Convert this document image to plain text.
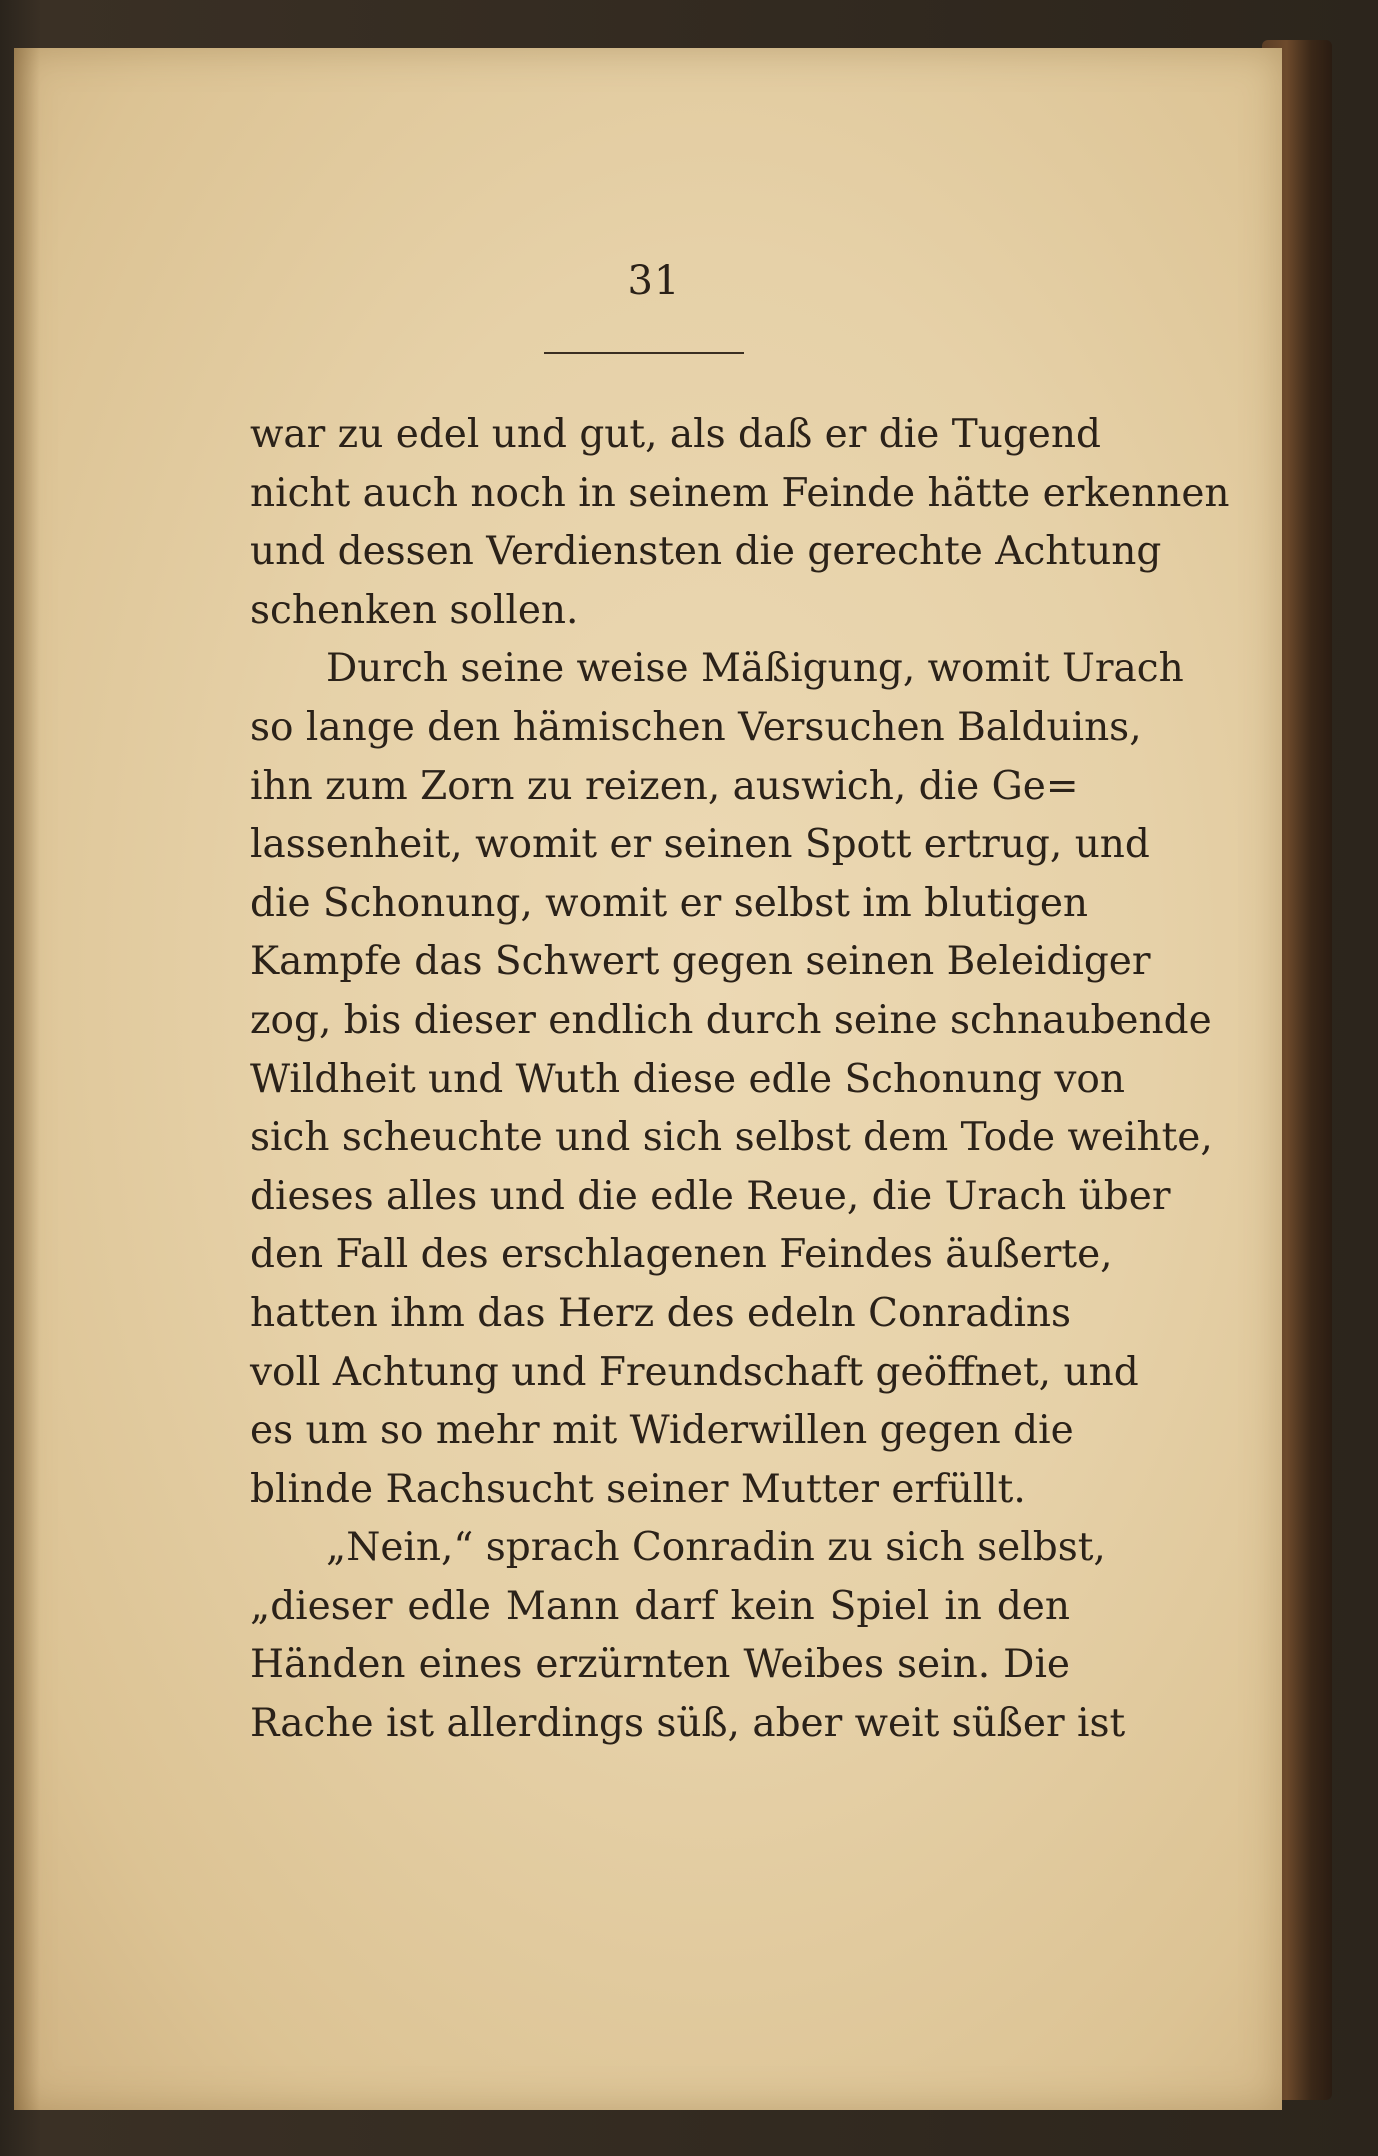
31
war zu edel und gut, als daß er die Tugend
nicht auch noch in seinem Feinde hätte erkennen
und dessen Verdiensten die gerechte Achtung
schenken sollen.
Durch seine weise Mäßigung, womit Urach
so lange den hämischen Versuchen Balduins,
ihn zum Zorn zu reizen, auswich, die Ge=
lassenheit, womit er seinen Spott ertrug, und
die Schonung, womit er selbst im blutigen
Kampfe das Schwert gegen seinen Beleidiger
zog, bis dieser endlich durch seine schnaubende
Wildheit und Wuth diese edle Schonung von
sich scheuchte und sich selbst dem Tode weihte,
dieses alles und die edle Reue, die Urach über
den Fall des erschlagenen Feindes äußerte,
hatten ihm das Herz des edeln Conradins
voll Achtung und Freundschaft geöffnet, und
es um so mehr mit Widerwillen gegen die
blinde Rachsucht seiner Mutter erfüllt.
„Nein,“ sprach Conradin zu sich selbst,
„dieser edle Mann darf kein Spiel in den
Händen eines erzürnten Weibes sein. Die
Rache ist allerdings süß, aber weit süßer ist
